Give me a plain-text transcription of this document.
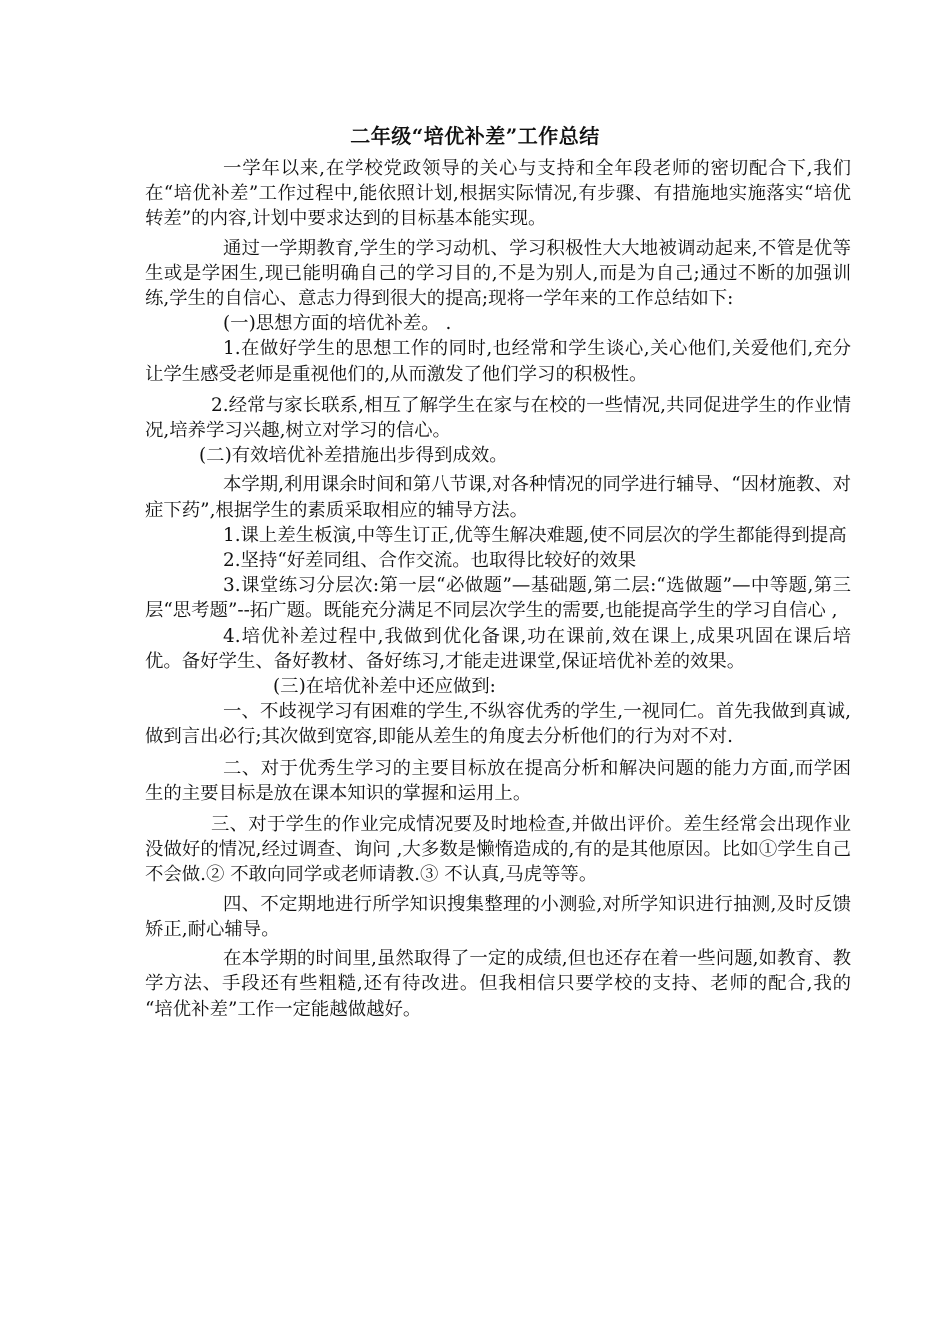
二年级“培优补差”工作总结

一学年以来,在学校党政领导的关心与支持和全年段老师的密切配合下,我们在“培优补差”工作过程中,能依照计划,根据实际情况,有步骤、有措施地实施落实“培优转差”的内容,计划中要求达到的目标基本能实现。

通过一学期教育,学生的学习动机、学习积极性大大地被调动起来,不管是优等生或是学困生,现已能明确自己的学习目的,不是为别人,而是为自己;通过不断的加强训练,学生的自信心、意志力得到很大的提高;现将一学年来的工作总结如下:

(一)思想方面的培优补差。 .

1.在做好学生的思想工作的同时,也经常和学生谈心,关心他们,关爱他们,充分让学生感受老师是重视他们的,从而激发了他们学习的积极性。

2.经常与家长联系,相互了解学生在家与在校的一些情况,共同促进学生的作业情况,培养学习兴趣,树立对学习的信心。

(二)有效培优补差措施出步得到成效。

本学期,利用课余时间和第八节课,对各种情况的同学进行辅导、“因材施教、对症下药”,根据学生的素质采取相应的辅导方法。

1.课上差生板演,中等生订正,优等生解决难题,使不同层次的学生都能得到提高

2.坚持“好差同组、合作交流。也取得比较好的效果

3.课堂练习分层次:第一层“必做题”—基础题,第二层:“选做题”—中等题,第三层“思考题”--拓广题。既能充分满足不同层次学生的需要,也能提高学生的学习自信心 ,

4.培优补差过程中,我做到优化备课,功在课前,效在课上,成果巩固在课后培优。备好学生、备好教材、备好练习,才能走进课堂,保证培优补差的效果。

(三)在培优补差中还应做到:

一、不歧视学习有困难的学生,不纵容优秀的学生,一视同仁。首先我做到真诚,做到言出必行;其次做到宽容,即能从差生的角度去分析他们的行为对不对.

二、对于优秀生学习的主要目标放在提高分析和解决问题的能力方面,而学困生的主要目标是放在课本知识的掌握和运用上。

三、对于学生的作业完成情况要及时地检查,并做出评价。差生经常会出现作业没做好的情况,经过调查、询问 ,大多数是懒惰造成的,有的是其他原因。比如①学生自己不会做.② 不敢向同学或老师请教.③ 不认真,马虎等等。

四、不定期地进行所学知识搜集整理的小测验,对所学知识进行抽测,及时反馈矫正,耐心辅导。

在本学期的时间里,虽然取得了一定的成绩,但也还存在着一些问题,如教育、教学方法、手段还有些粗糙,还有待改进。但我相信只要学校的支持、老师的配合,我的 “培优补差”工作一定能越做越好。
